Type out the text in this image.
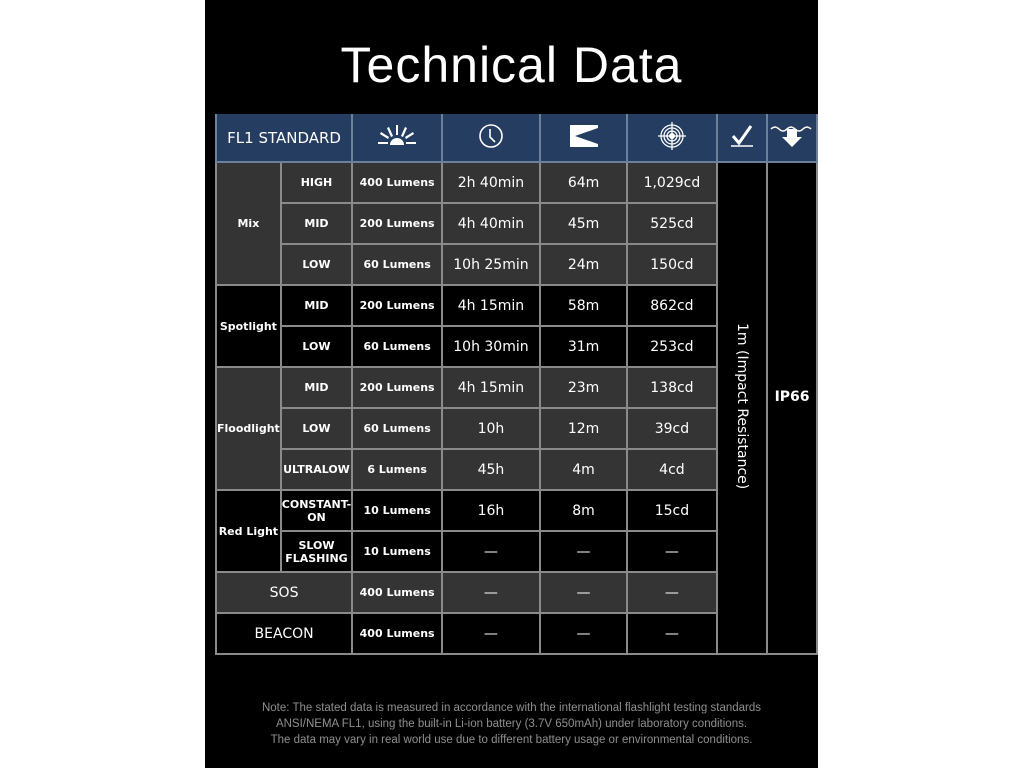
Technical Data
FL1 STANDARD						
Mix	HIGH	400 Lumens	2h 40min	64m	1,029cd	1m (Impact Resistance)	IP66
	MID	200 Lumens	4h 40min	45m	525cd		
	LOW	60 Lumens	10h 25min	24m	150cd		
Spotlight	MID	200 Lumens	4h 15min	58m	862cd		
	LOW	60 Lumens	10h 30min	31m	253cd		
Floodlight	MID	200 Lumens	4h 15min	23m	138cd		
	LOW	60 Lumens	10h	12m	39cd		
	ULTRALOW	6 Lumens	45h	4m	4cd		
Red Light	CONSTANT-ON	10 Lumens	16h	8m	15cd		
	SLOW FLASHING	10 Lumens	—	—	—		
SOS		400 Lumens	—	—	—		
BEACON		400 Lumens	—	—	—		
Note: The stated data is measured in accordance with the international flashlight testing standards
ANSI/NEMA FL1, using the built-in Li-ion battery (3.7V 650mAh) under laboratory conditions.
The data may vary in real world use due to different battery usage or environmental conditions.
